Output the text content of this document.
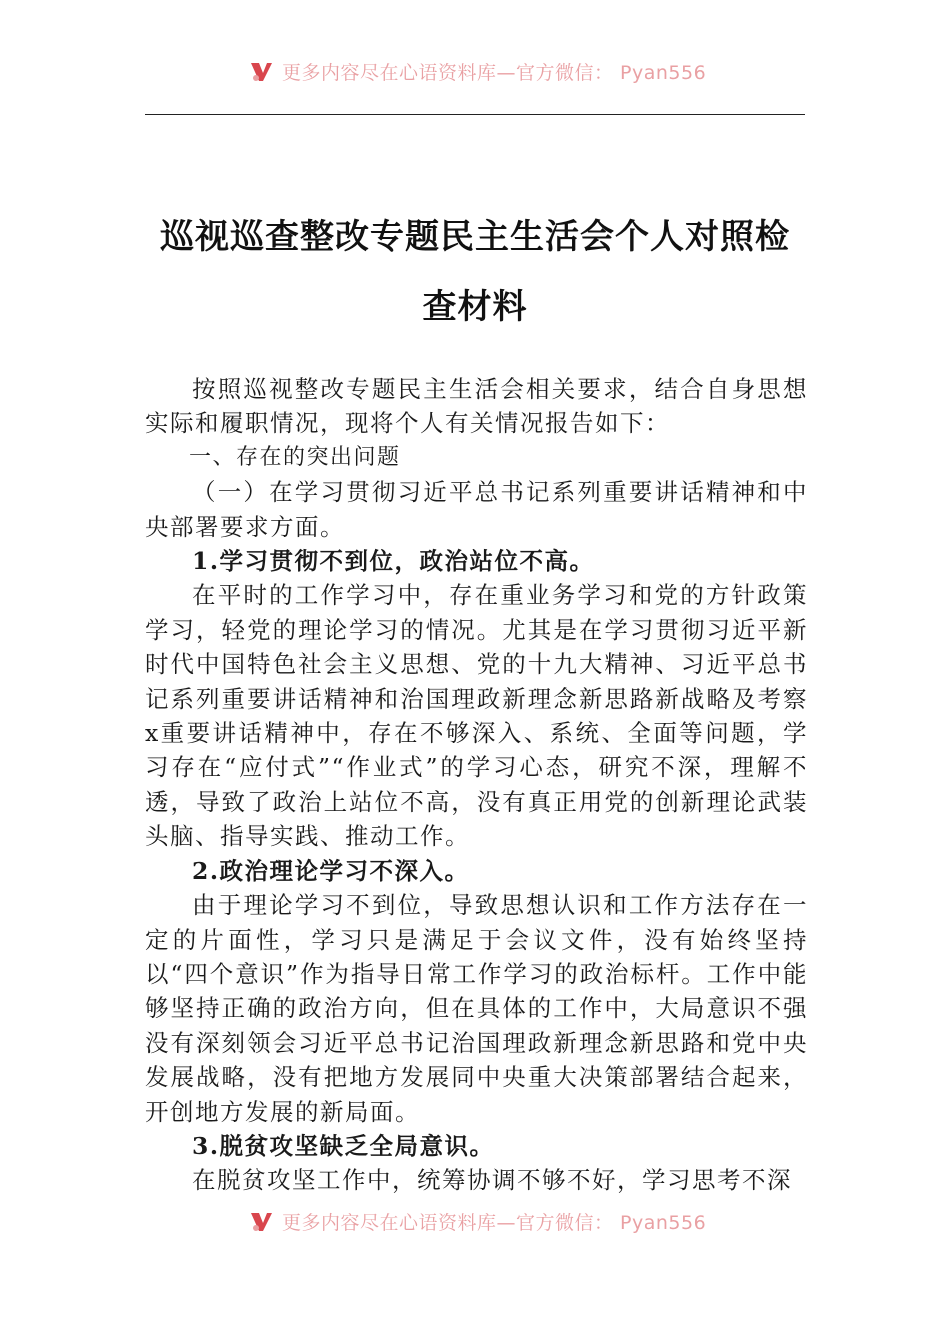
更多内容尽在心语资料库—官方微信： Pyan556
巡视巡查整改专题民主生活会个人对照检
查材料

按照巡视整改专题民主生活会相关要求，结合自身思想实际和履职情况，现将个人有关情况报告如下：

一、存在的突出问题

（一）在学习贯彻习近平总书记系列重要讲话精神和中央部署要求方面。

1.学习贯彻不到位，政治站位不高。

在平时的工作学习中，存在重业务学习和党的方针政策学习，轻党的理论学习的情况。尤其是在学习贯彻习近平新时代中国特色社会主义思想、党的十九大精神、习近平总书记系列重要讲话精神和治国理政新理念新思路新战略及考察x重要讲话精神中，存在不够深入、系统、全面等问题，学习存在“应付式”“作业式”的学习心态，研究不深，理解不透，导致了政治上站位不高，没有真正用党的创新理论武装头脑、指导实践、推动工作。

2.政治理论学习不深入。

由于理论学习不到位，导致思想认识和工作方法存在一定的片面性，学习只是满足于会议文件，没有始终坚持以“四个意识”作为指导日常工作学习的政治标杆。工作中能够坚持正确的政治方向，但在具体的工作中，大局意识不强没有深刻领会习近平总书记治国理政新理念新思路和党中央发展战略，没有把地方发展同中央重大决策部署结合起来，开创地方发展的新局面。

3.脱贫攻坚缺乏全局意识。

在脱贫攻坚工作中，统筹协调不够不好，学习思考不深

更多内容尽在心语资料库—官方微信： Pyan556
